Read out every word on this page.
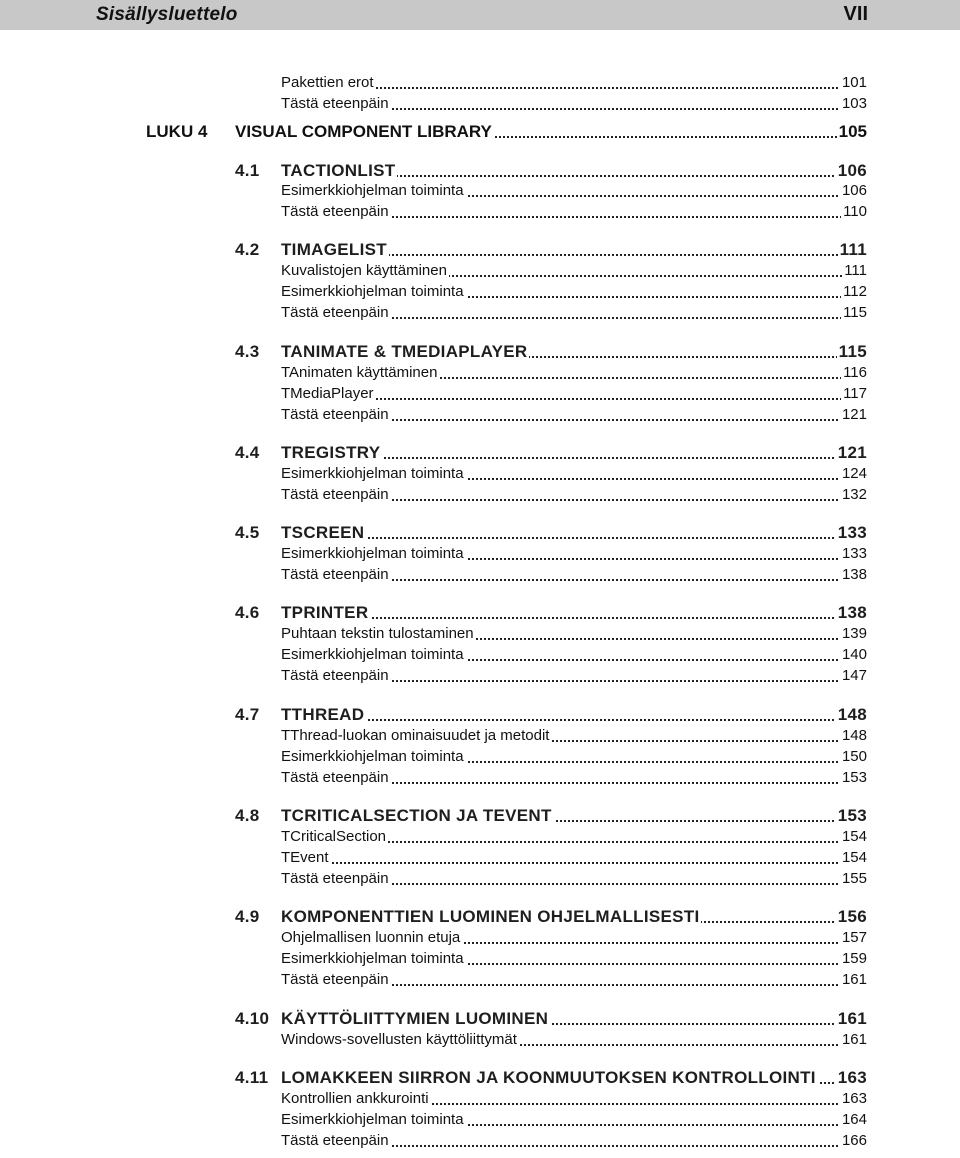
Sisällysluettelo	VII
Pakettien erot	101
Tästä eteenpäin	103
LUKU 4 VISUAL COMPONENT LIBRARY	105
4.1 TACTIONLIST	106
Esimerkkiohjelman toiminta	106
Tästä eteenpäin	110
4.2 TIMAGELIST	111
Kuvalistojen käyttäminen	111
Esimerkkiohjelman toiminta	112
Tästä eteenpäin	115
4.3 TANIMATE & TMEDIAPLAYER	115
TAnimaten käyttäminen	116
TMediaPlayer	117
Tästä eteenpäin	121
4.4 TREGISTRY	121
Esimerkkiohjelman toiminta	124
Tästä eteenpäin	132
4.5 TSCREEN	133
Esimerkkiohjelman toiminta	133
Tästä eteenpäin	138
4.6 TPRINTER	138
Puhtaan tekstin tulostaminen	139
Esimerkkiohjelman toiminta	140
Tästä eteenpäin	147
4.7 TTHREAD	148
TThread-luokan ominaisuudet ja metodit	148
Esimerkkiohjelman toiminta	150
Tästä eteenpäin	153
4.8 TCRITICALSECTION JA TEVENT	153
TCriticalSection	154
TEvent	154
Tästä eteenpäin	155
4.9 KOMPONENTTIEN LUOMINEN OHJELMALLISESTI	156
Ohjelmallisen luonnin etuja	157
Esimerkkiohjelman toiminta	159
Tästä eteenpäin	161
4.10 KÄYTTÖLIITTYMIEN LUOMINEN	161
Windows-sovellusten käyttöliittymät	161
4.11 LOMAKKEEN SIIRRON JA KOONMUUTOKSEN KONTROLLOINTI 163
Kontrollien ankkurointi	163
Esimerkkiohjelman toiminta	164
Tästä eteenpäin	166
